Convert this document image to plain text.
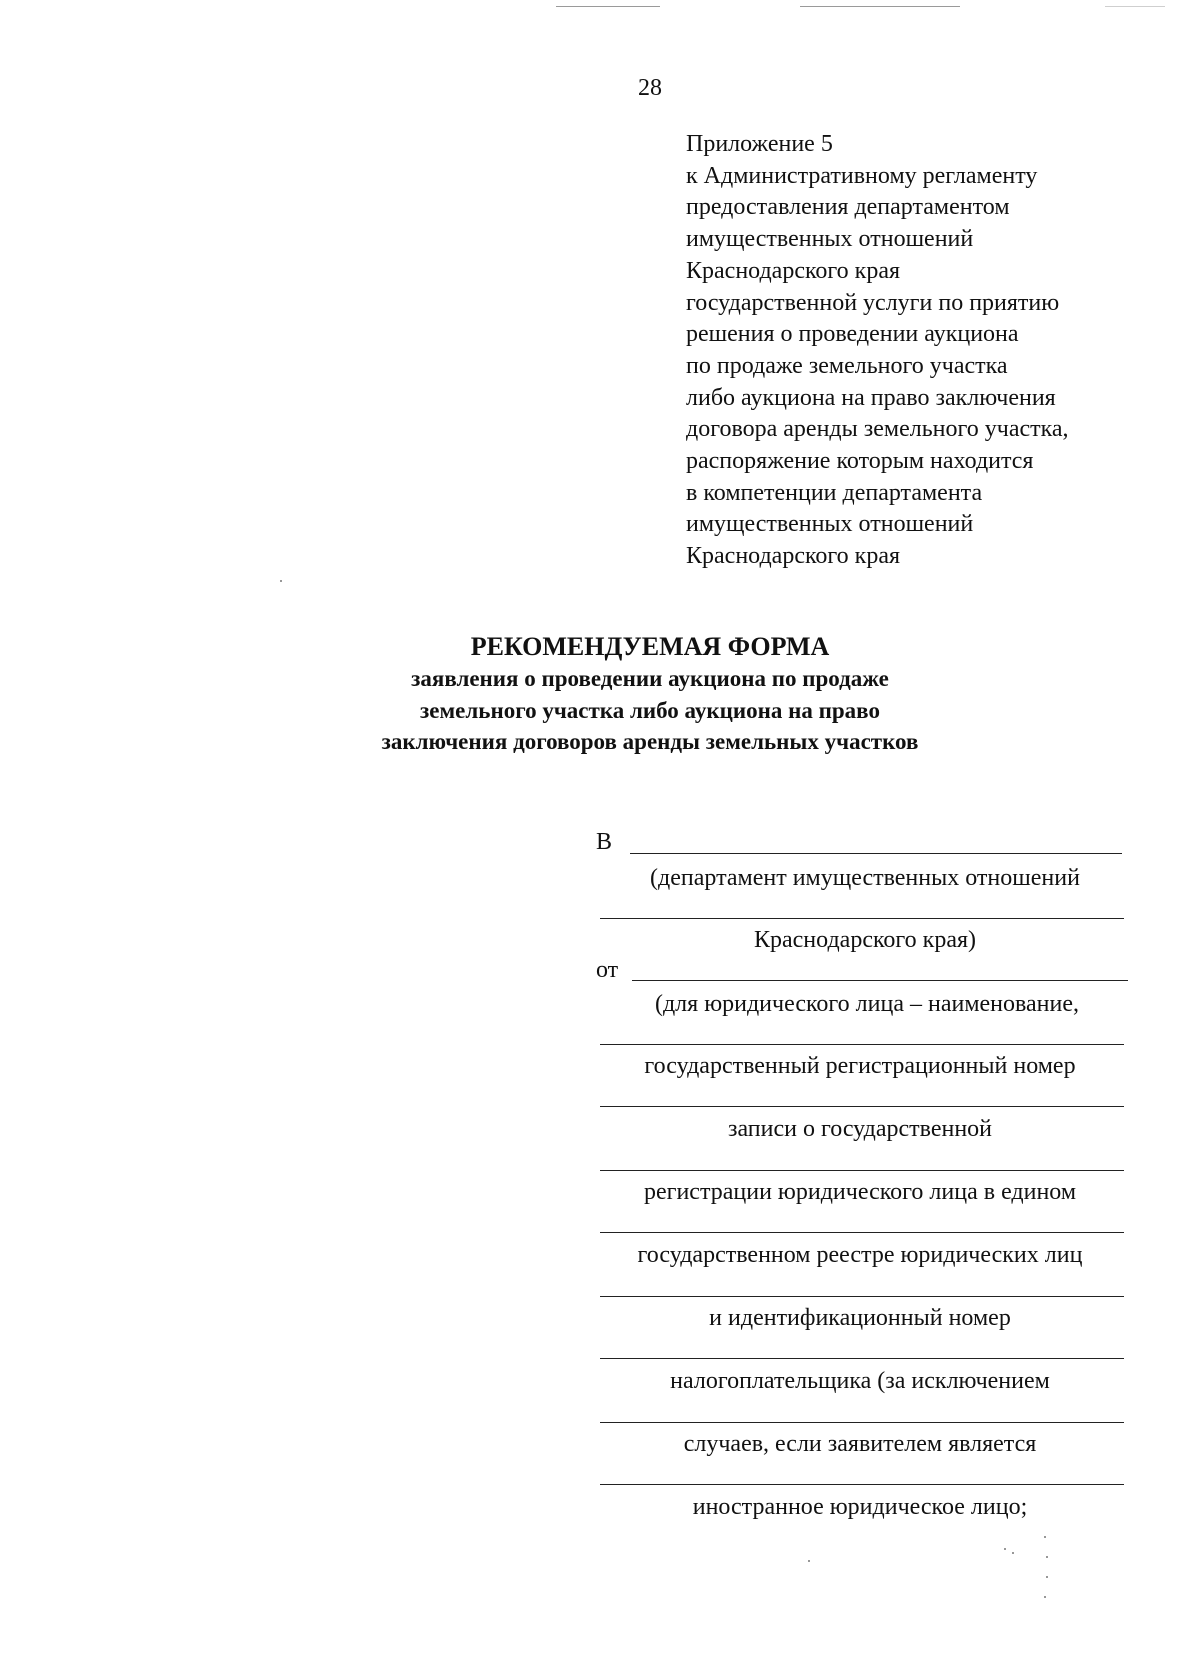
28
Приложение 5
к Административному регламенту
предоставления департаментом
имущественных отношений
Краснодарского края
государственной услуги по приятию
решения о проведении аукциона
по продаже земельного участка
либо аукциона на право заключения
договора аренды земельного участка,
распоряжение которым находится
в компетенции департамента
имущественных отношений
Краснодарского края
РЕКОМЕНДУЕМАЯ ФОРМА
заявления о проведении аукциона по продаже
земельного участка либо аукциона на право
заключения договоров аренды земельных участков
В
(департамент имущественных отношений
Краснодарского края)
от
(для юридического лица – наименование,
государственный регистрационный номер
записи о государственной
регистрации юридического лица в едином
государственном реестре юридических лиц
и идентификационный номер
налогоплательщика (за исключением
случаев, если заявителем является
иностранное юридическое лицо;
